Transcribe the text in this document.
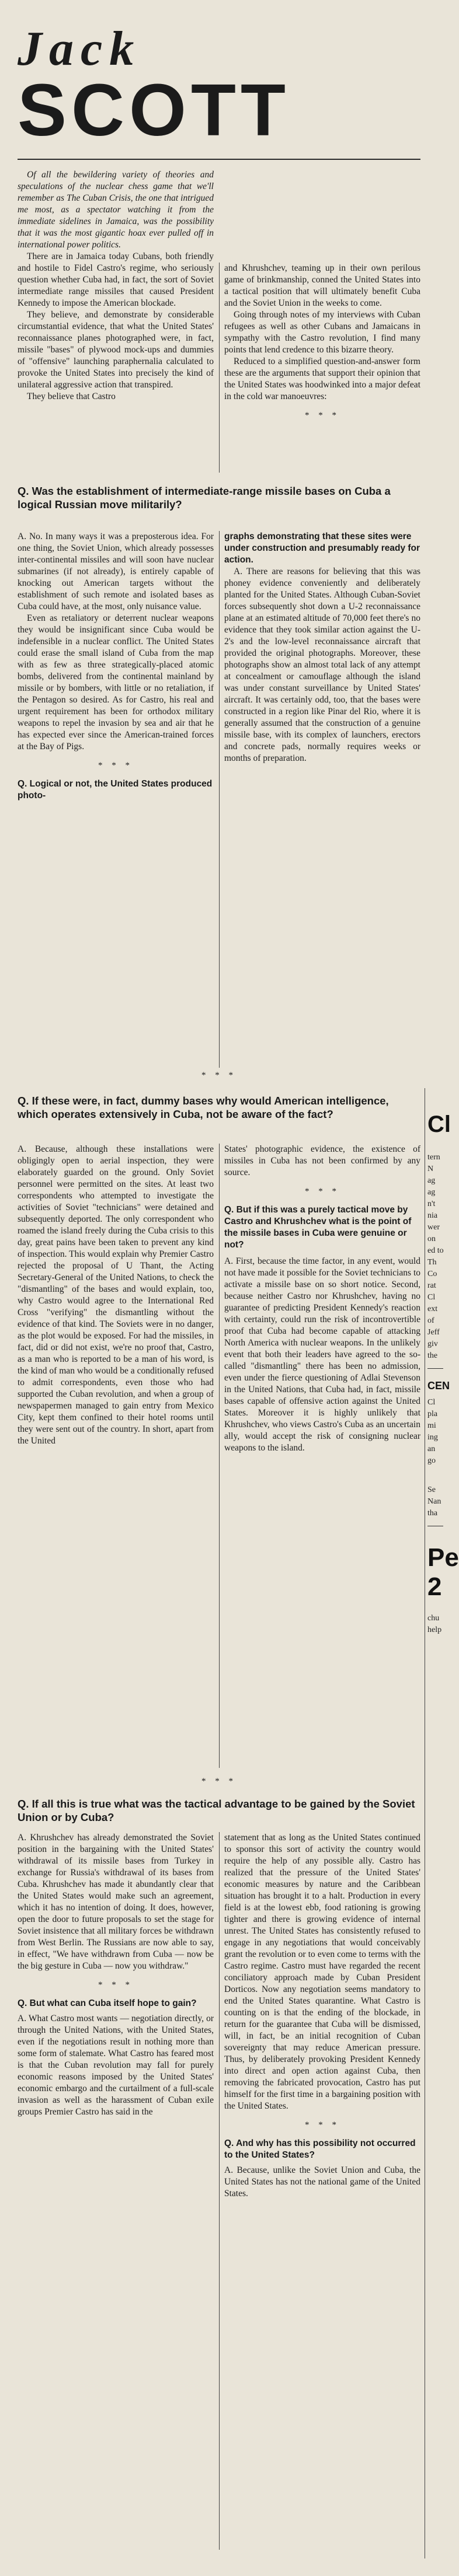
Jack
SCOTT

Of all the bewildering variety of theories and speculations of the nuclear chess game that we'll remember as The Cuban Crisis, the one that intrigued me most, as a spectator watching it from the immediate sidelines in Jamaica, was the possibility that it was the most gigantic hoax ever pulled off in international power politics.

There are in Jamaica today Cubans, both friendly and hostile to Fidel Castro's regime, who seriously question whether Cuba had, in fact, the sort of Soviet intermediate range missiles that caused President Kennedy to impose the American blockade.

They believe, and demonstrate by considerable circumstantial evidence, that what the United States' reconnaissance planes photographed were, in fact, missile "bases" of plywood mock-ups and dummies of "offensive" launching paraphernalia calculated to provoke the United States into precisely the kind of unilateral aggressive action that transpired.

They believe that Castro

and Khrushchev, teaming up in their own perilous game of brinkmanship, conned the United States into a tactical position that will ultimately benefit Cuba and the Soviet Union in the weeks to come.

Going through notes of my interviews with Cuban refugees as well as other Cubans and Jamaicans in sympathy with the Castro revolution, I find many points that lend credence to this bizarre theory.

Reduced to a simplified question-and-answer form these are the arguments that support their opinion that the United States was hoodwinked into a major defeat in the cold war manoeuvres:

* * *
Q. Was the establishment of intermediate-range missile bases on Cuba a logical Russian move militarily?

A. No. In many ways it was a preposterous idea. For one thing, the Soviet Union, which already possesses inter-continental missiles and will soon have nuclear submarines (if not already), is entirely capable of knocking out American targets without the establishment of such remote and isolated bases as Cuba could have, at the most, only nuisance value.

Even as retaliatory or deterrent nuclear weapons they would be insignificant since Cuba would be indefensible in a nuclear conflict. The United States could erase the small island of Cuba from the map with as few as three strategically-placed atomic bombs, delivered from the continental mainland by missile or by bombers, with little or no retaliation, if the Pentagon so desired. As for Castro, his real and urgent requirement has been for orthodox military weapons to repel the invasion by sea and air that he has expected ever since the American-trained forces at the Bay of Pigs.

* * *

Q. Logical or not, the United States produced photo-

graphs demonstrating that these sites were under construction and presumably ready for action.

A. There are reasons for believing that this was phoney evidence conveniently and deliberately planted for the United States. Although Cuban-Soviet forces subsequently shot down a U-2 reconnaissance plane at an estimated altitude of 70,000 feet there's no evidence that they took similar action against the U-2's and the low-level reconnaissance aircraft that provided the original photographs. Moreover, these photographs show an almost total lack of any attempt at concealment or camouflage although the island was under constant surveillance by United States' aircraft. It was certainly odd, too, that the bases were constructed in a region like Pinar del Rio, where it is generally assumed that the construction of a genuine missile base, with its complex of launchers, erectors and concrete pads, normally requires weeks or months of preparation.

* * *
Q. If these were, in fact, dummy bases why would American intelligence, which operates extensively in Cuba, not be aware of the fact?

A. Because, although these installations were obligingly open to aerial inspection, they were elaborately guarded on the ground. Only Soviet personnel were permitted on the sites. At least two correspondents who attempted to investigate the activities of Soviet "technicians" were detained and subsequently deported. The only correspondent who roamed the island freely during the Cuba crisis to this day, great pains have been taken to prevent any kind of inspection. This would explain why Premier Castro rejected the proposal of U Thant, the Acting Secretary-General of the United Nations, to check the "dismantling" of the bases and would explain, too, why Castro would agree to the International Red Cross "verifying" the dismantling without the evidence of that kind. The Soviets were in no danger, as the plot would be exposed. For had the missiles, in fact, did or did not exist, we're no proof that, Castro, as a man who is reported to be a man of his word, is the kind of man who would be a conditionally refused to admit correspondents, even those who had supported the Cuban revolution, and when a group of newspapermen managed to gain entry from Mexico City, kept them confined to their hotel rooms until they were sent out of the country. In short, apart from the United

States' photographic evidence, the existence of missiles in Cuba has not been confirmed by any source.

* * *

Q. But if this was a purely tactical move by Castro and Khrushchev what is the point of the missile bases in Cuba were genuine or not?

A. First, because the time factor, in any event, would not have made it possible for the Soviet technicians to activate a missile base on so short notice. Second, because neither Castro nor Khrushchev, having no guarantee of predicting President Kennedy's reaction with certainty, could run the risk of incontrovertible proof that Cuba had become capable of attacking North America with nuclear weapons. In the unlikely event that both their leaders have agreed to the so-called "dismantling" there has been no admission, even under the fierce questioning of Adlai Stevenson in the United Nations, that Cuba had, in fact, missile bases capable of offensive action against the United States. Moreover it is highly unlikely that Khrushchev, who views Castro's Cuba as an uncertain ally, would accept the risk of consigning nuclear weapons to the island.

* * *
Q. If all this is true what was the tactical advantage to be gained by the Soviet Union or by Cuba?

A. Khrushchev has already demonstrated the Soviet position in the bargaining with the United States' withdrawal of its missile bases from Turkey in exchange for Russia's withdrawal of its bases from Cuba. Khrushchev has made it abundantly clear that the United States would make such an agreement, which it has no intention of doing. It does, however, open the door to future proposals to set the stage for Soviet insistence that all military forces be withdrawn from West Berlin. The Russians are now able to say, in effect, "We have withdrawn from Cuba — now be the big gesture in Cuba — now you withdraw."

* * *

Q. But what can Cuba itself hope to gain?

A. What Castro most wants — negotiation directly, or through the United Nations, with the United States, even if the negotiations result in nothing more than some form of stalemate. What Castro has feared most is that the Cuban revolution may fall for purely economic reasons imposed by the United States' economic embargo and the curtailment of a full-scale invasion as well as the harassment of Cuban exile groups Premier Castro has said in the

statement that as long as the United States continued to sponsor this sort of activity the country would require the help of any possible ally. Castro has realized that the pressure of the United States' economic measures by nature and the Caribbean situation has brought it to a halt. Production in every field is at the lowest ebb, food rationing is growing tighter and there is growing evidence of internal unrest. The United States has consistently refused to engage in any negotiations that would conceivably grant the revolution or to even come to terms with the Castro regime. Castro must have regarded the recent conciliatory approach made by Cuban President Dorticos. Now any negotiation seems mandatory to end the United States quarantine. What Castro is counting on is that the ending of the blockade, in return for the guarantee that Cuba will be dismissed, will, in fact, be an initial recognition of Cuban sovereignty that may reduce American pressure. Thus, by deliberately provoking President Kennedy into direct and open action against Cuba, then removing the fabricated provocation, Castro has put himself for the first time in a bargaining position with the United States.

* * *

Q. And why has this possibility not occurred to the United States?

A. Because, unlike the Soviet Union and Cuba, the United States has not the national game of the United States.

Cl
tern
N
ag
ag
n't
nia
wer
on
ed to
Th
Co
rat
Cl
ext
of
Jeff
giv
the
CEN
Cl
pla
mi
ing
an
go
Se
Nan
tha
Pe
2
chu
help
